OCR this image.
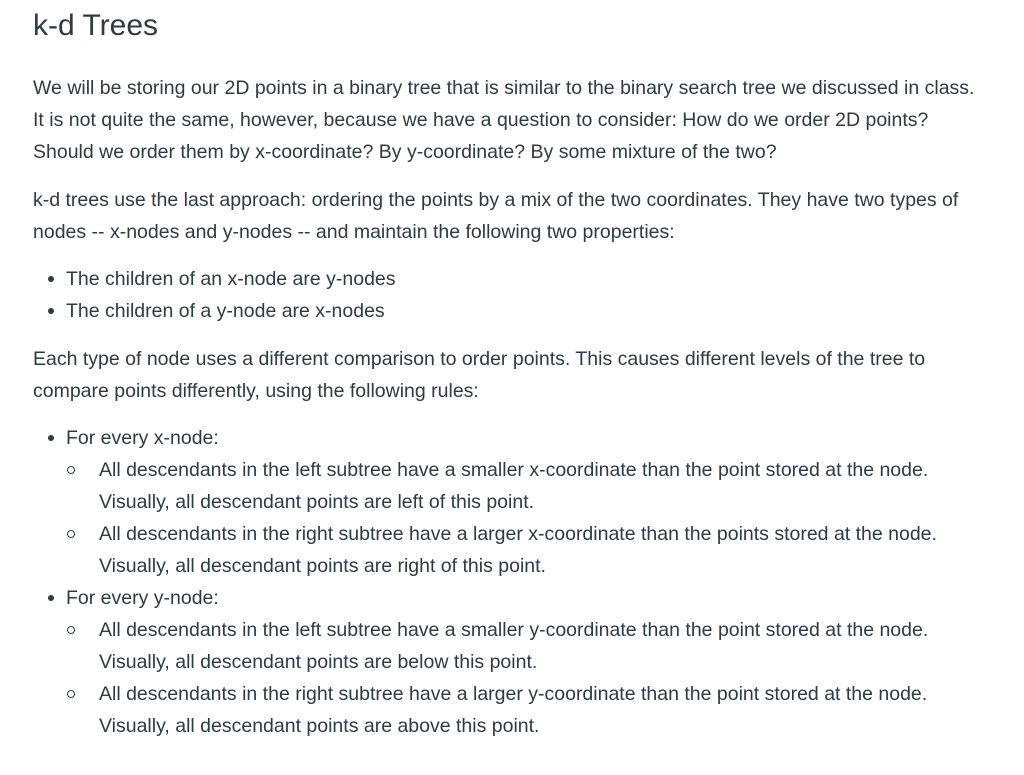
k-d Trees

We will be storing our 2D points in a binary tree that is similar to the binary search tree we discussed in class. It is not quite the same, however, because we have a question to consider: How do we order 2D points? Should we order them by x-coordinate? By y-coordinate? By some mixture of the two?

k-d trees use the last approach: ordering the points by a mix of the two coordinates. They have two types of nodes -- x-nodes and y-nodes -- and maintain the following two properties:

The children of an x-node are y-nodes
The children of a y-node are x-nodes

Each type of node uses a different comparison to order points. This causes different levels of the tree to compare points differently, using the following rules:

For every x-node:
All descendants in the left subtree have a smaller x-coordinate than the point stored at the node. Visually, all descendant points are left of this point.
All descendants in the right subtree have a larger x-coordinate than the points stored at the node. Visually, all descendant points are right of this point.
For every y-node:
All descendants in the left subtree have a smaller y-coordinate than the point stored at the node. Visually, all descendant points are below this point.
All descendants in the right subtree have a larger y-coordinate than the point stored at the node. Visually, all descendant points are above this point.
